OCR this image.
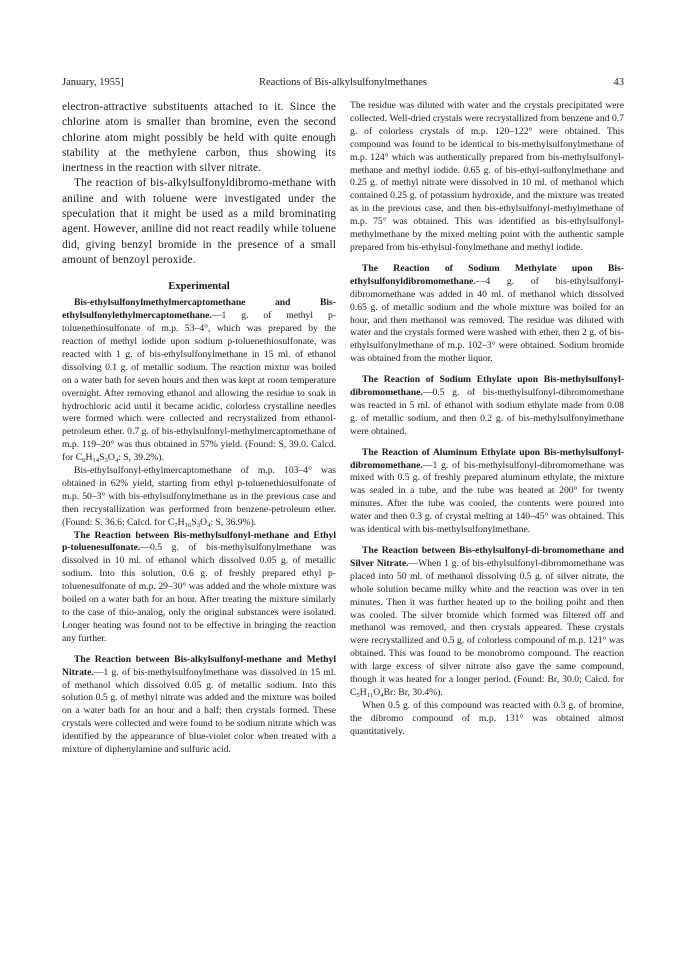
January, 1955]	Reactions of Bis-alkylsulfonylmethanes	43

electron-attractive substituents attached to it. Since the chlorine atom is smaller than bromine, even the second chlorine atom might possibly be held with quite enough stability at the methylene carbon, thus showing its inertness in the reaction with silver nitrate.

The reaction of bis-alkylsulfonyldibromo-methane with aniline and with toluene were investigated under the speculation that it might be used as a mild brominating agent. However, aniline did not react readily while toluene did, giving benzyl bromide in the presence of a small amount of benzoyl peroxide.

Experimental

Bis-ethylsulfonylmethylmercaptomethane and Bis-ethylsulfonylethylmercaptomethane.—1 g. of methyl p-toluenethiosulfonate of m.p. 53–4°, which was prepared by the reaction of methyl iodide upon sodium p-toluenethiosulfonate, was reacted with 1 g. of bis-ethylsulfonylmethane in 15 ml. of ethanol dissolving 0.1 g. of metallic sodium. The reaction mixtur was boiled on a water bath for seven hours and then was kept at room temperature overnight. After removing ethanol and allowing the residue to soak in hydrochloric acid until it became acidic, colorless crystalline needles were formed which were collected and recrystalized from ethanol-petroleum ether. 0.7 g. of bis-ethylsulfonyl-methylmercaptomethane of m.p. 119–20° was thus obtained in 57% yield. (Found: S, 39.0. Calcd. for $C_6H_{14}S_3O_4$: S, 39.2%).

Bis-ethylsulfonyl-ethylmercaptomethane of m.p. 103–4° was obtained in 62% yield, starting from ethyl p-toluenethiosulfonate of m.p. 50–3° with bis-ethylsulfonylmethane as in the previous case and then recrystallization was performed from benzene-petroleum ether. (Found: S. 36.6; Calcd. for $C_7H_{16}S_3O_4$: S, 36.9%).

The Reaction between Bis-methylsulfonyl-methane and Ethyl p-toluenesulfonate.—0.5 g. of bis-methylsulfonylmethane was dissolved in 10 ml. of ethanol which dissolved 0.05 g. of metallic sodium. Into this solution, 0.6 g. of freshly prepared ethyl p-toluenesulfonate of m.p. 29–30° was added and the whole mixture was boiled on a water bath for an hour. After treating the mixture similarly to the case of thio-analog, only the original substances were isolated. Longer heating was found not to be effective in bringing the reaction any further.

The Reaction between Bis-alkylsulfonyl-methane and Methyl Nitrate.—1 g. of bis-methylsulfonylmethane was dissolved in 15 ml. of methanol which dissolved 0.05 g. of metallic sodium. Into this solution 0.5 g. of methyl nitrate was added and the mixture was boiled on a water bath for an hour and a half; then crystals formed. These crystals were collected and were found to be sodium nitrate which was identified by the appearance of blue-violet color when treated with a mixture of diphenylamine and sulfuric acid.

The residue was diluted with water and the crystals precipitated were collected. Well-dried crystals were recrystallized from benzene and 0.7 g. of colorless crystals of m.p. 120–122° were obtained. This compound was found to be identical to bis-methylsulfonylmethane of m.p. 124° which was authentically prepared from bis-methylsulfonyl-methane and methyl iodide. 0.65 g. of bis-ethyl-sulfonylmethane and 0.25 g. of methyl nitrate were dissolved in 10 ml. of methanol which contained 0.25 g. of potassium hydroxide, and the mixture was treated as in the previous case, and then bis-ethylsulfonyl-methylmethane of m.p. 75° was obtained. This was identified as bis-ethylsulfonyl-methylmethane by the mixed melting point with the authentic sample prepared from bis-ethylsul-fonylmethane and methyl iodide.

The Reaction of Sodium Methylate upon Bis-ethylsulfonyldibromomethane.—4 g. of bis-ethylsulfonyl-dibromomethane was added in 40 ml. of methanol which dissolved 0.65 g. of metallic sodium and the whole mixture was boiled for an hour, and then methanol was removed. The residue was diluted with water and the crystals formed were washed with ether, then 2 g. of bis-ethylsulfonylmethane of m.p. 102–3° were obtained. Sodium bromide was obtained from the mother liquor.

The Reaction of Sodium Ethylate upon Bis-methylsulfonyl-dibromomethane.—0.5 g. of bis-methylsulfonyl-dibromomethane was reacted in 5 ml. of ethanol with sodium ethylate made from 0.08 g. of metallic sodium, and then 0.2 g. of bis-methylsulfonylmethane were obtained.

The Reaction of Aluminum Ethylate upon Bis-methylsulfonyl-dibromomethane.—1 g. of bis-methylsulfonyl-dibromomethane was mixed with 0.5 g. of freshly prepared aluminum ethylate, the mixture was sealed in a tube, and the tube was heated at 200° for twenty minutes. After the tube was cooled, the contents were poured into water and then 0.3 g. of crystal melting at 140–45° was obtained. This was identical with bis-methylsulfonylmethane.

The Reaction between Bis-ethylsulfonyl-di-bromomethane and Silver Nitrate.—When 1 g. of bis-ethylsulfonyl-dibromomethane was placed into 50 ml. of methanol dissolving 0.5 g. of silver nitrate, the whole solution became milky white and the reaction was over in ten minutes. Then it was further heated up to the boiling poiht and then was cooled. The silver bromide which formed was filtered off and methanol was removed, and then crystals appeared. These crystals were recrystallized and 0.5 g. of colorless compound of m.p. 121° was obtained. This was found to be monobromo compound. The reaction with large excess of silver nitrate also gave the same compound, though it was heated for a longer period. (Found: Br, 30.0; Calcd. for $C_5H_{11}O_4Br$: Br, 30.4%).

When 0.5 g. of this compound was reacted with 0.3 g. of bromine, the dibromo compound of m.p. 131° was obtained almost quantitatively.
